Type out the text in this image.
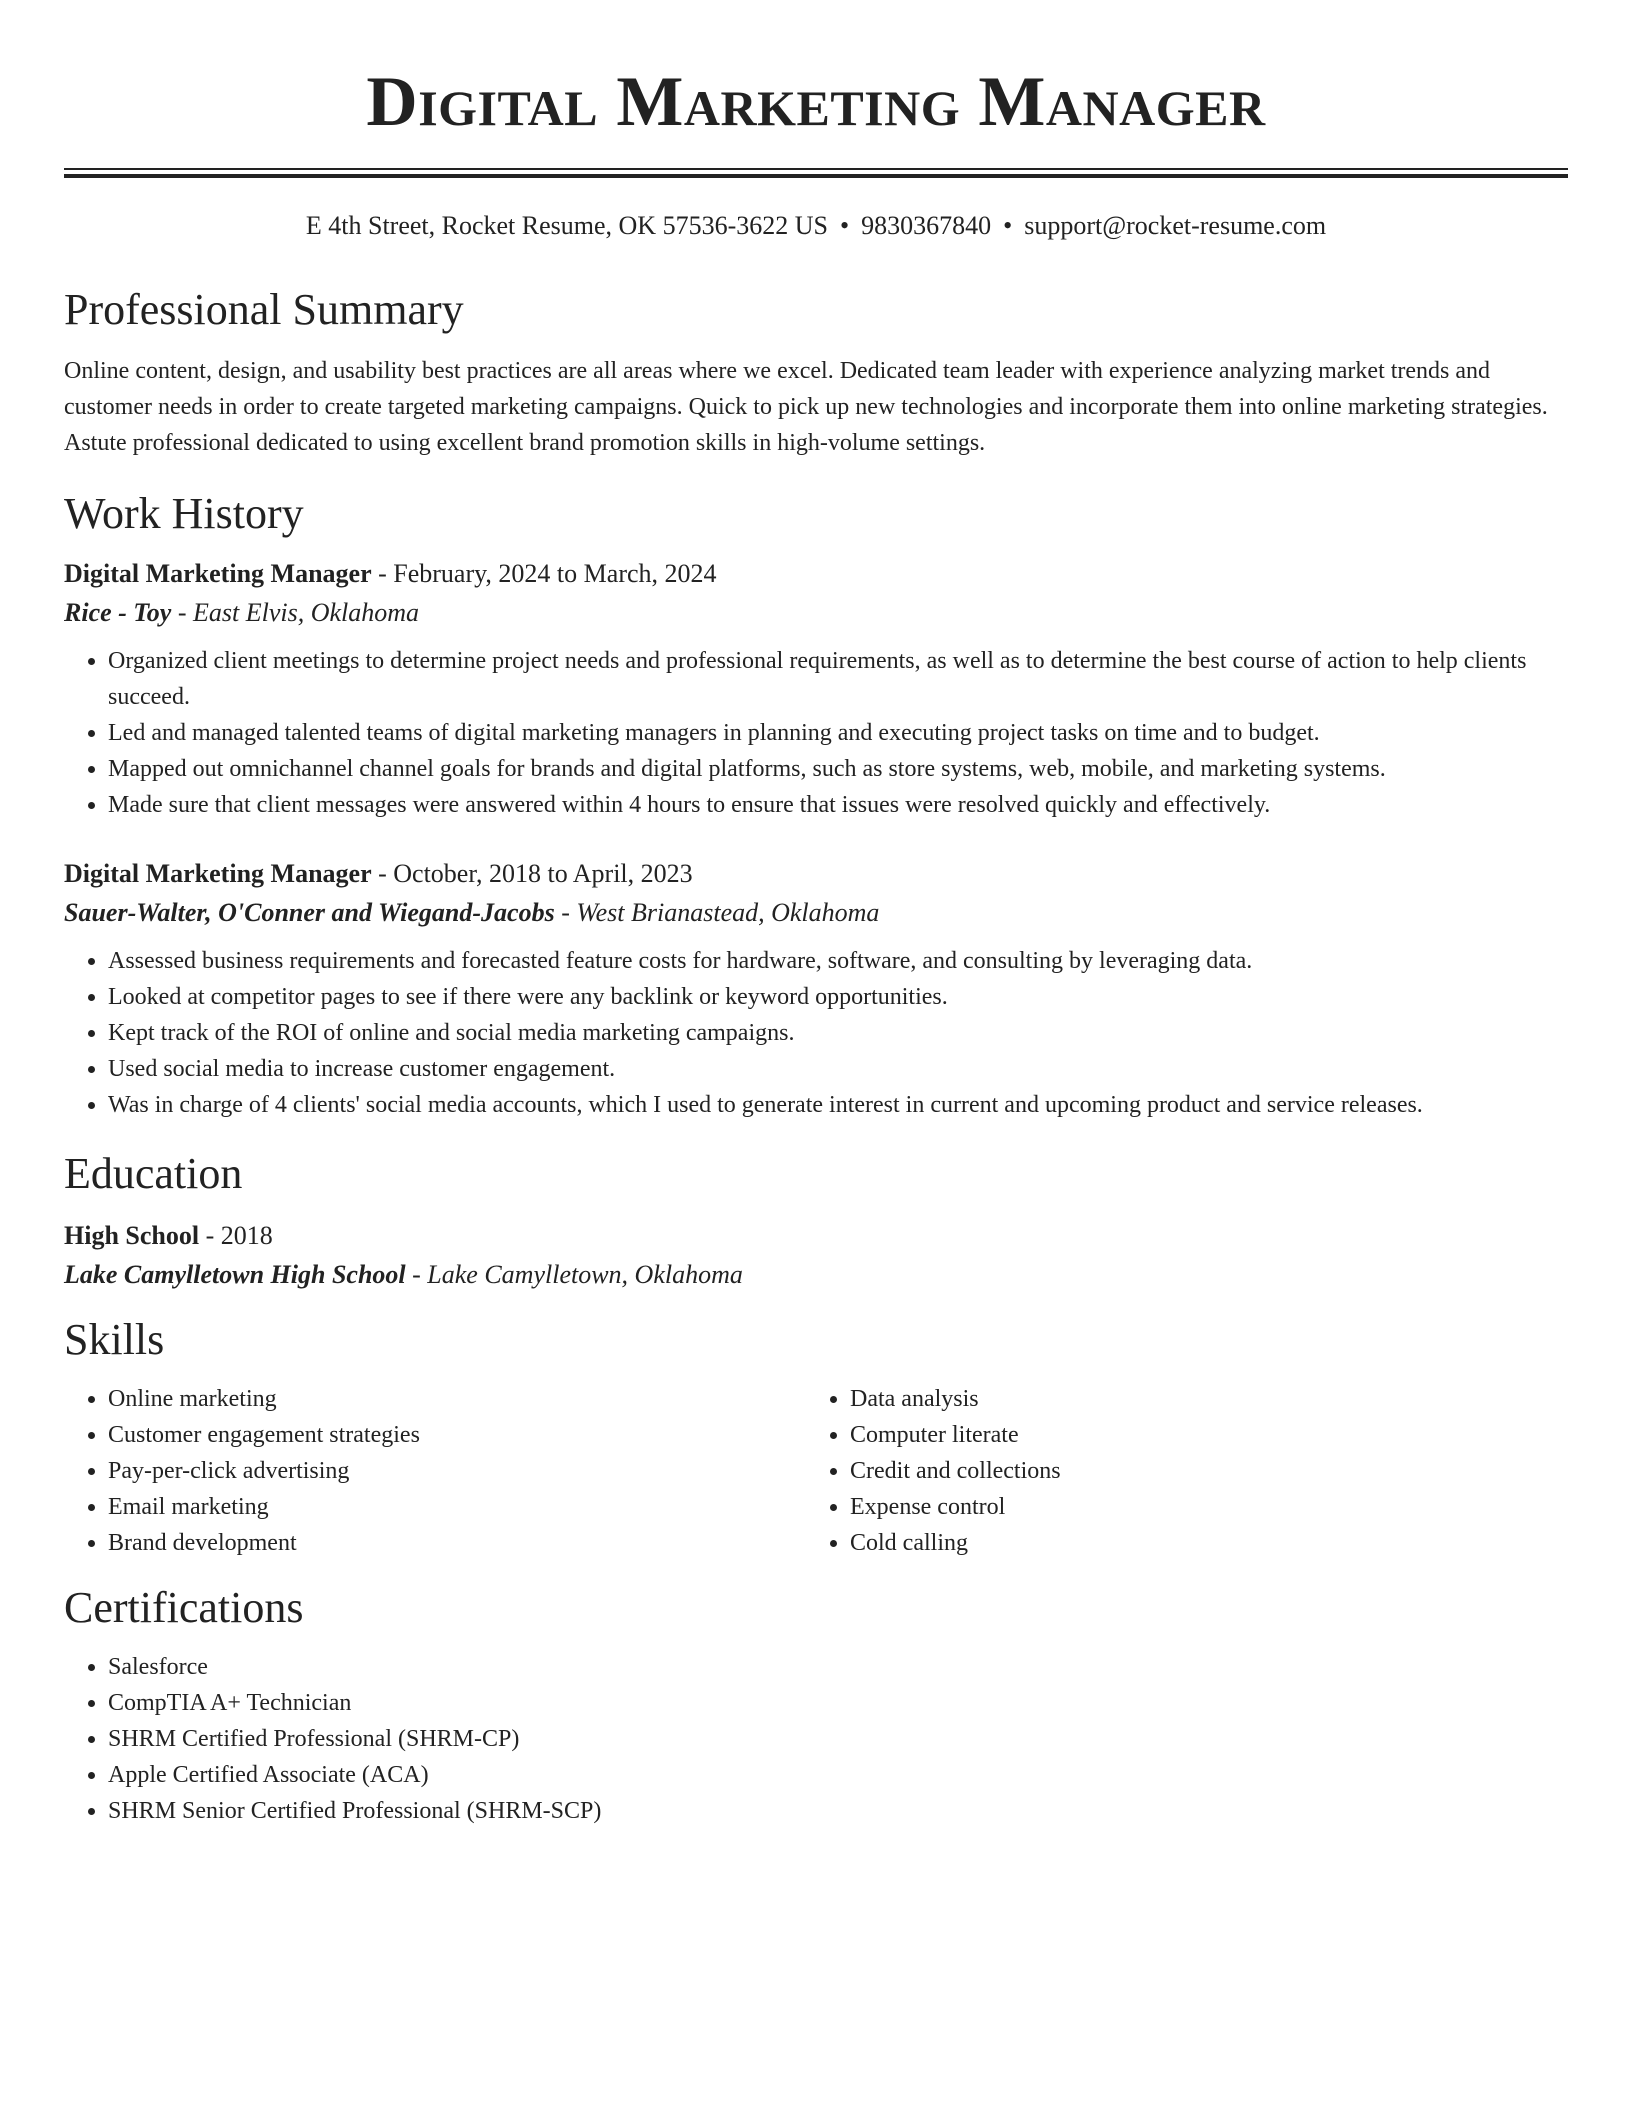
Digital Marketing Manager
E 4th Street, Rocket Resume, OK 57536-3622 US • 9830367840 • support@rocket-resume.com
Professional Summary

Online content, design, and usability best practices are all areas where we excel. Dedicated team leader with experience analyzing market trends and customer needs in order to create targeted marketing campaigns. Quick to pick up new technologies and incorporate them into online marketing strategies. Astute professional dedicated to using excellent brand promotion skills in high-volume settings.

Work History
Digital Marketing Manager - February, 2024 to March, 2024
Rice - Toy - East Elvis, Oklahoma
• Organized client meetings to determine project needs and professional requirements, as well as to determine the best course of action to help clients succeed.
• Led and managed talented teams of digital marketing managers in planning and executing project tasks on time and to budget.
• Mapped out omnichannel channel goals for brands and digital platforms, such as store systems, web, mobile, and marketing systems.
• Made sure that client messages were answered within 4 hours to ensure that issues were resolved quickly and effectively.
Digital Marketing Manager - October, 2018 to April, 2023
Sauer-Walter, O'Conner and Wiegand-Jacobs - West Brianastead, Oklahoma
• Assessed business requirements and forecasted feature costs for hardware, software, and consulting by leveraging data.
• Looked at competitor pages to see if there were any backlink or keyword opportunities.
• Kept track of the ROI of online and social media marketing campaigns.
• Used social media to increase customer engagement.
• Was in charge of 4 clients' social media accounts, which I used to generate interest in current and upcoming product and service releases.
Education
High School - 2018
Lake Camylletown High School - Lake Camylletown, Oklahoma
Skills
• Online marketing
• Customer engagement strategies
• Pay-per-click advertising
• Email marketing
• Brand development
• Data analysis
• Computer literate
• Credit and collections
• Expense control
• Cold calling
Certifications
• Salesforce
• CompTIA A+ Technician
• SHRM Certified Professional (SHRM-CP)
• Apple Certified Associate (ACA)
• SHRM Senior Certified Professional (SHRM-SCP)
